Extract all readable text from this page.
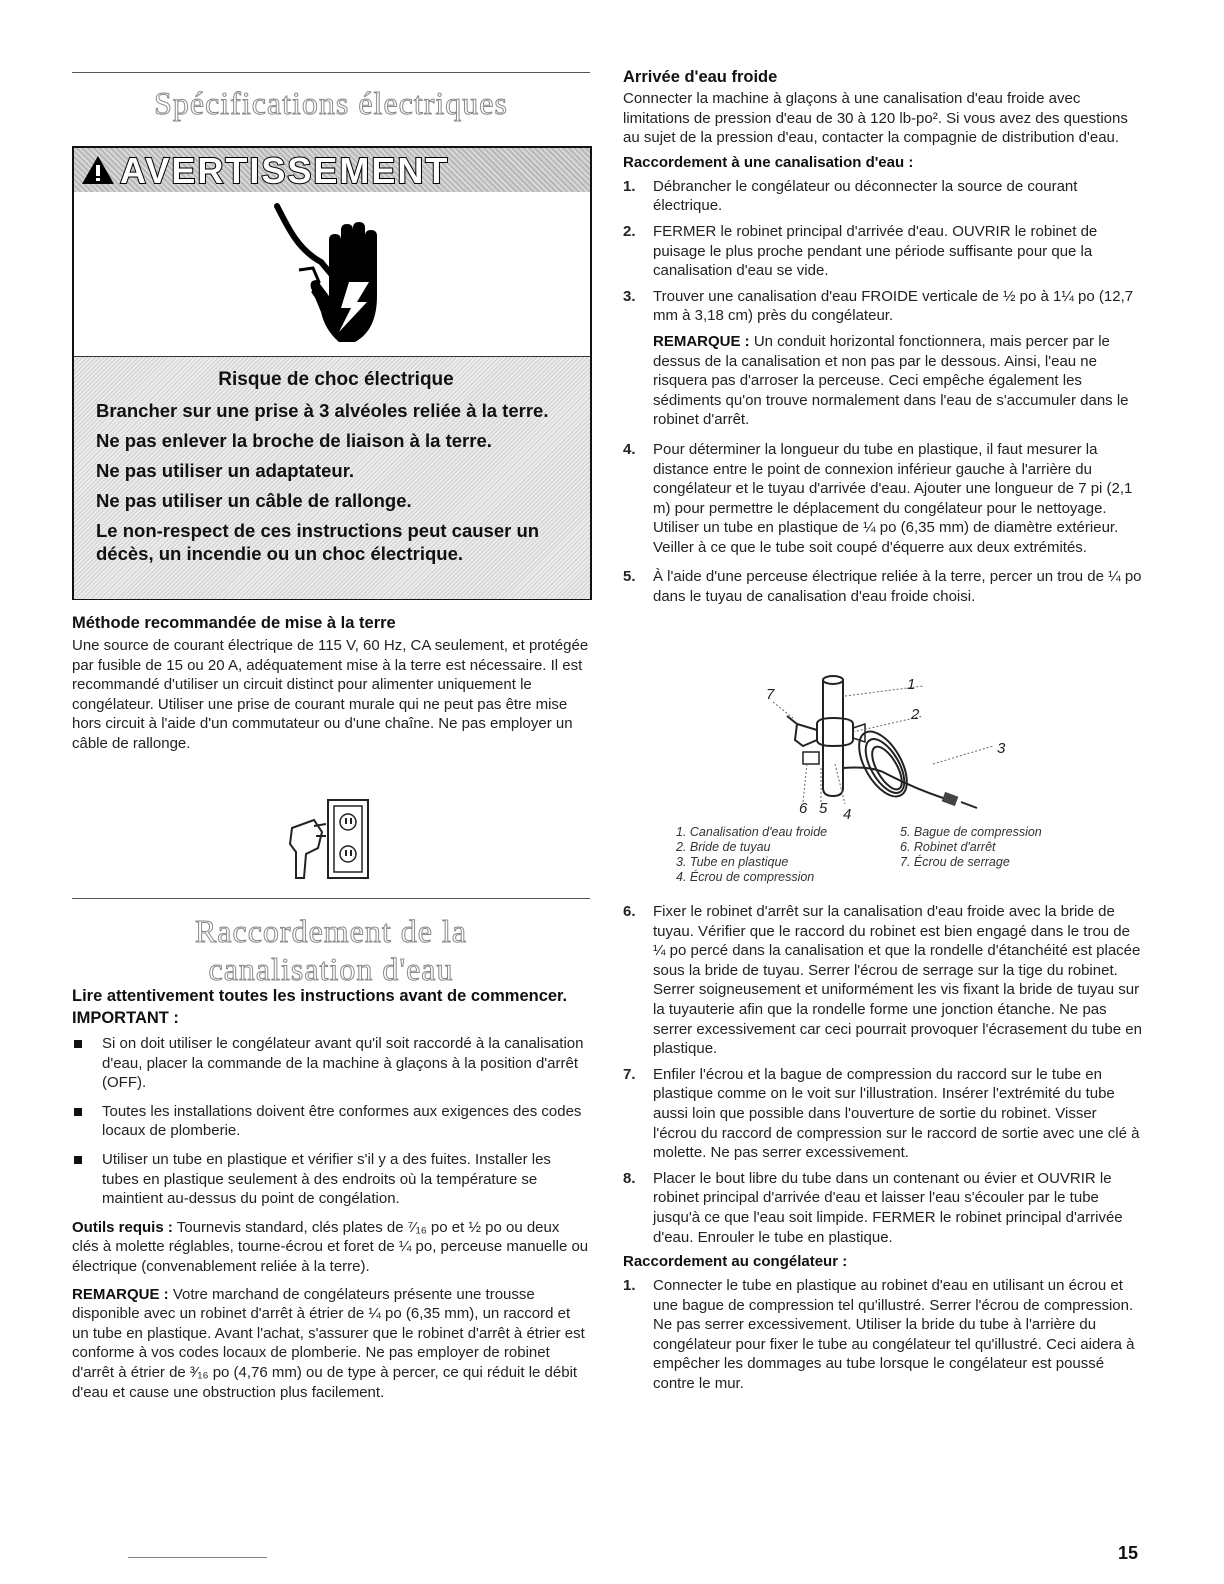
Spécifications électriques
AVERTISSEMENT
Risque de choc électrique
Brancher sur une prise à 3 alvéoles reliée à la terre.
Ne pas enlever la broche de liaison à la terre.
Ne pas utiliser un adaptateur.
Ne pas utiliser un câble de rallonge.
Le non-respect de ces instructions peut causer un décès, un incendie ou un choc électrique.
Méthode recommandée de mise à la terre

Une source de courant électrique de 115 V, 60 Hz, CA seulement, et protégée par fusible de 15 ou 20 A, adéquatement mise à la terre est nécessaire. Il est recommandé d'utiliser un circuit distinct pour alimenter uniquement le congélateur. Utiliser une prise de courant murale qui ne peut pas être mise hors circuit à l'aide d'un commutateur ou d'une chaîne. Ne pas employer un câble de rallonge.

Raccordement de la
canalisation d'eau
Lire attentivement toutes les instructions avant de commencer.
IMPORTANT :
Si on doit utiliser le congélateur avant qu'il soit raccordé à la canalisation d'eau, placer la commande de la machine à glaçons à la position d'arrêt (OFF).
Toutes les installations doivent être conformes aux exigences des codes locaux de plomberie.
Utiliser un tube en plastique et vérifier s'il y a des fuites. Installer les tubes en plastique seulement à des endroits où la température se maintient au-dessus du point de congélation.

Outils requis : Tournevis standard, clés plates de ⁷⁄₁₆ po et ½ po ou deux clés à molette réglables, tourne-écrou et foret de ¼ po, perceuse manuelle ou électrique (convenablement reliée à la terre).

REMARQUE : Votre marchand de congélateurs présente une trousse disponible avec un robinet d'arrêt à étrier de ¼ po (6,35 mm), un raccord et un tube en plastique. Avant l'achat, s'assurer que le robinet d'arrêt à étrier est conforme à vos codes locaux de plomberie. Ne pas employer de robinet d'arrêt à étrier de ³⁄₁₆ po (4,76 mm) ou de type à percer, ce qui réduit le débit d'eau et cause une obstruction plus facilement.

Arrivée d'eau froide

Connecter la machine à glaçons à une canalisation d'eau froide avec limitations de pression d'eau de 30 à 120 lb-po². Si vous avez des questions au sujet de la pression d'eau, contacter la compagnie de distribution d'eau.

Raccordement à une canalisation d'eau :
1. Débrancher le congélateur ou déconnecter la source de courant électrique.
2. FERMER le robinet principal d'arrivée d'eau. OUVRIR le robinet de puisage le plus proche pendant une période suffisante pour que la canalisation d'eau se vide.
3. Trouver une canalisation d'eau FROIDE verticale de ½ po à 1¼ po (12,7 mm à 3,18 cm) près du congélateur.

REMARQUE : Un conduit horizontal fonctionnera, mais percer par le dessus de la canalisation et non pas par le dessous. Ainsi, l'eau ne risquera pas d'arroser la perceuse. Ceci empêche également les sédiments qu'on trouve normalement dans l'eau de s'accumuler dans le robinet d'arrêt.

4. Pour déterminer la longueur du tube en plastique, il faut mesurer la distance entre le point de connexion inférieur gauche à l'arrière du congélateur et le tuyau d'arrivée d'eau. Ajouter une longueur de 7 pi (2,1 m) pour permettre le déplacement du congélateur pour le nettoyage. Utiliser un tube en plastique de ¼ po (6,35 mm) de diamètre extérieur. Veiller à ce que le tube soit coupé d'équerre aux deux extrémités.
5. À l'aide d'une perceuse électrique reliée à la terre, percer un trou de ¼ po dans le tuyau de canalisation d'eau froide choisi.
1
2
3
4
5
6
7
1. Canalisation d'eau froide
2. Bride de tuyau
3. Tube en plastique
4. Écrou de compression
5. Bague de compression
6. Robinet d'arrêt
7. Écrou de serrage
6. Fixer le robinet d'arrêt sur la canalisation d'eau froide avec la bride de tuyau. Vérifier que le raccord du robinet est bien engagé dans le trou de ¼ po percé dans la canalisation et que la rondelle d'étanchéité est placée sous la bride de tuyau. Serrer l'écrou de serrage sur la tige du robinet. Serrer soigneusement et uniformément les vis fixant la bride de tuyau sur la tuyauterie afin que la rondelle forme une jonction étanche. Ne pas serrer excessivement car ceci pourrait provoquer l'écrasement du tube en plastique.
7. Enfiler l'écrou et la bague de compression du raccord sur le tube en plastique comme on le voit sur l'illustration. Insérer l'extrémité du tube aussi loin que possible dans l'ouverture de sortie du robinet. Visser l'écrou du raccord de compression sur le raccord de sortie avec une clé à molette. Ne pas serrer excessivement.
8. Placer le bout libre du tube dans un contenant ou évier et OUVRIR le robinet principal d'arrivée d'eau et laisser l'eau s'écouler par le tube jusqu'à ce que l'eau soit limpide. FERMER le robinet principal d'arrivée d'eau. Enrouler le tube en plastique.
Raccordement au congélateur :
1. Connecter le tube en plastique au robinet d'eau en utilisant un écrou et une bague de compression tel qu'illustré. Serrer l'écrou de compression. Ne pas serrer excessivement. Utiliser la bride du tube à l'arrière du congélateur pour fixer le tube au congélateur tel qu'illustré. Ceci aidera à empêcher les dommages au tube lorsque le congélateur est poussé contre le mur.
15
